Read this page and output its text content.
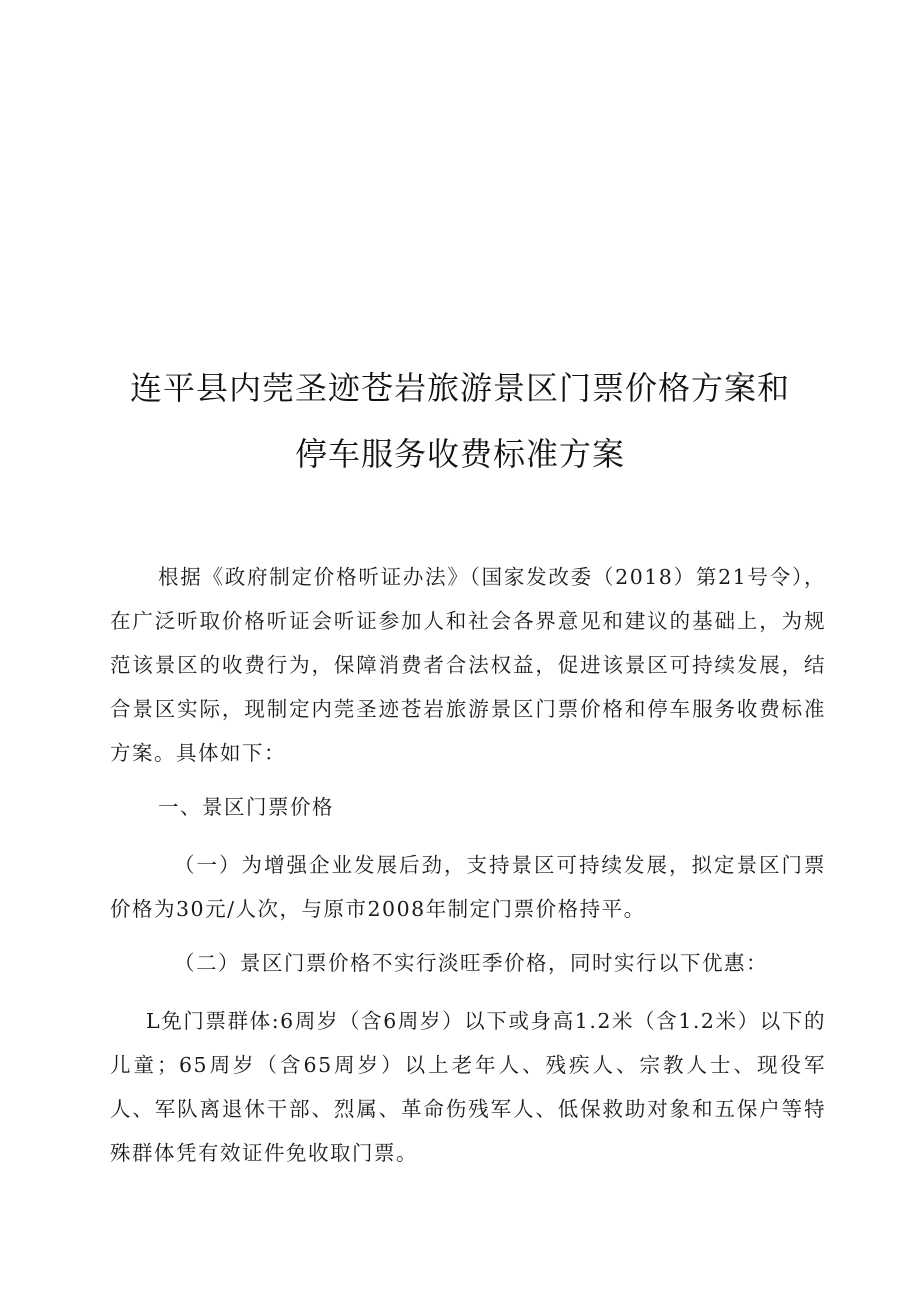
连平县内莞圣迹苍岩旅游景区门票价格方案和
停车服务收费标准方案

根据《政府制定价格听证办法》（国家发改委（2018）第21号令），在广泛听取价格听证会听证参加人和社会各界意见和建议的基础上，为规范该景区的收费行为，保障消费者合法权益，促进该景区可持续发展，结合景区实际，现制定内莞圣迹苍岩旅游景区门票价格和停车服务收费标准方案。具体如下：

一、景区门票价格

（一）为增强企业发展后劲，支持景区可持续发展，拟定景区门票价格为30元/人次，与原市2008年制定门票价格持平。

（二）景区门票价格不实行淡旺季价格，同时实行以下优惠：

L免门票群体:6周岁（含6周岁）以下或身高1.2米（含1.2米）以下的儿童；65周岁（含65周岁）以上老年人、残疾人、宗教人士、现役军人、军队离退休干部、烈属、革命伤残军人、低保救助对象和五保户等特殊群体凭有效证件免收取门票。
